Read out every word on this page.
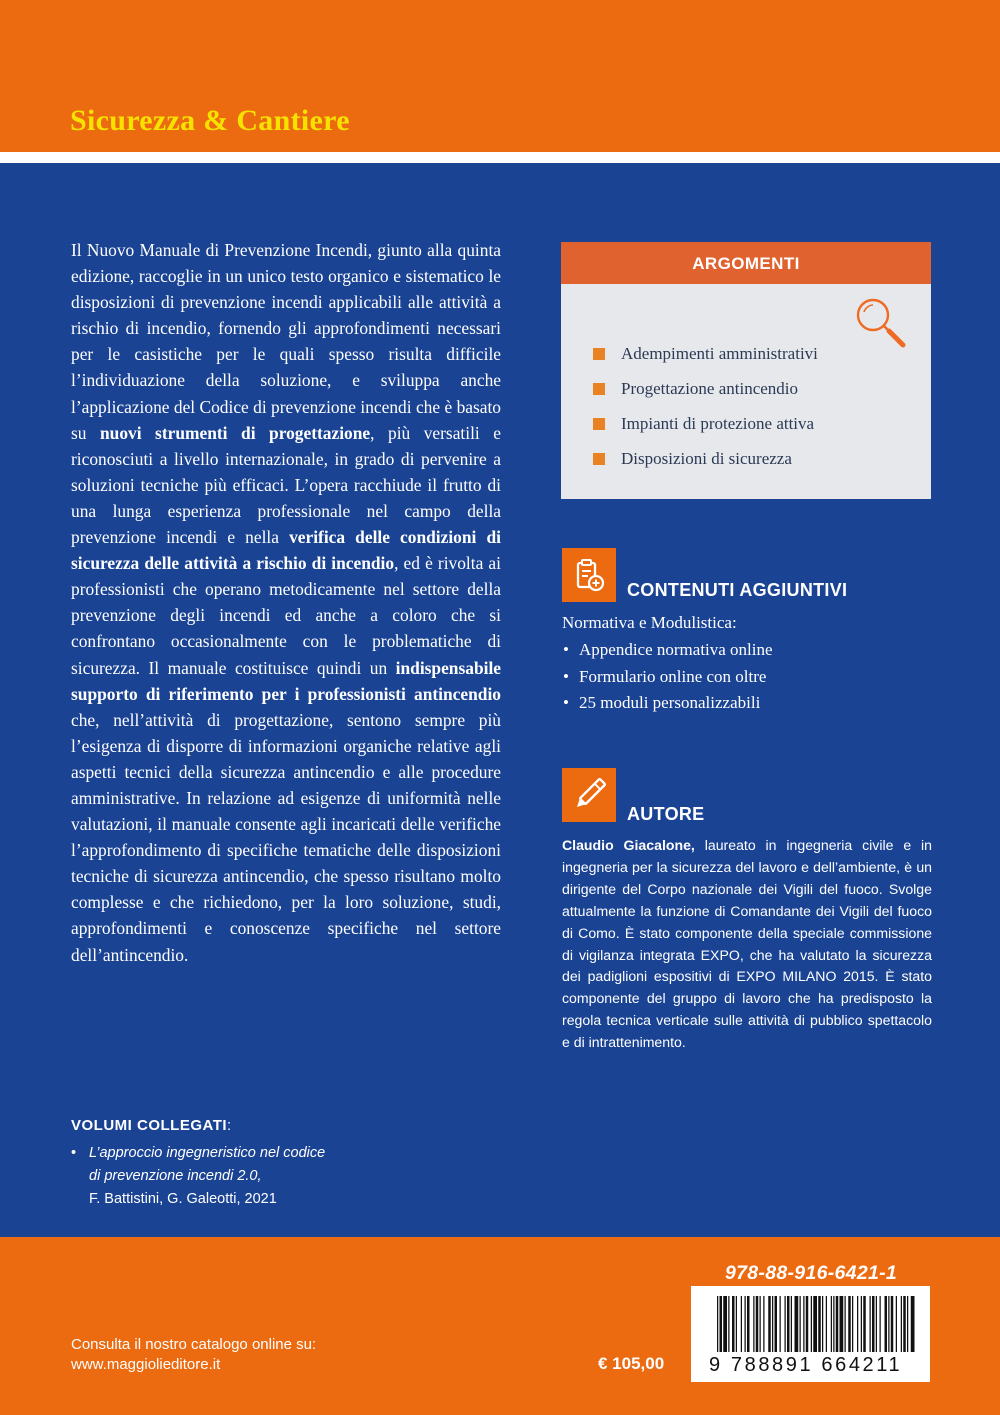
Sicurezza & Cantiere
Il Nuovo Manuale di Prevenzione Incendi, giunto alla quinta edizione, raccoglie in un unico testo organico e sistematico le disposizioni di prevenzione incendi applicabili alle attività a rischio di incendio, fornendo gli approfondimenti necessari per le casistiche per le quali spesso risulta difficile l’individuazione della soluzione, e sviluppa anche l’applicazione del Codice di prevenzione incendi che è basato su nuovi strumenti di progettazione, più versatili e riconosciuti a livello internazionale, in grado di pervenire a soluzioni tecniche più efficaci. L’opera racchiude il frutto di una lunga esperienza professionale nel campo della prevenzione incendi e nella verifica delle condizioni di sicurezza delle attività a rischio di incendio, ed è rivolta ai professionisti che operano metodicamente nel settore della prevenzione degli incendi ed anche a coloro che si confrontano occasionalmente con le problematiche di sicurezza. Il manuale costituisce quindi un indispensabile supporto di riferimento per i professionisti antincendio che, nell’attività di progettazione, sentono sempre più l’esigenza di disporre di informazioni organiche relative agli aspetti tecnici della sicurezza antincendio e alle procedure amministrative. In relazione ad esigenze di uniformità nelle valutazioni, il manuale consente agli incaricati delle verifiche l’approfondimento di specifiche tematiche delle disposizioni tecniche di sicurezza antincendio, che spesso risultano molto complesse e che richiedono, per la loro soluzione, studi, approfondimenti e conoscenze specifiche nel settore dell’antincendio.
ARGOMENTI
Adempimenti amministrativi
Progettazione antincendio
Impianti di protezione attiva
Disposizioni di sicurezza
CONTENUTI AGGIUNTIVI
Normativa e Modulistica:
• Appendice normativa online
• Formulario online con oltre
• 25 moduli personalizzabili
AUTORE
Claudio Giacalone, laureato in ingegneria civile e in ingegneria per la sicurezza del lavoro e dell’ambiente, è un dirigente del Corpo nazionale dei Vigili del fuoco. Svolge attualmente la funzione di Comandante dei Vigili del fuoco di Como. È stato componente della speciale commissione di vigilanza integrata EXPO, che ha valutato la sicurezza dei padiglioni espositivi di EXPO MILANO 2015. È stato componente del gruppo di lavoro che ha predisposto la regola tecnica verticale sulle attività di pubblico spettacolo e di intrattenimento.
VOLUMI COLLEGATI:
• L’approccio ingegneristico nel codice
di prevenzione incendi 2.0,
F. Battistini, G. Galeotti, 2021
978-88-916-6421-1
9 788891 664211
Consulta il nostro catalogo online su:
www.maggiolieditore.it	€ 105,00
